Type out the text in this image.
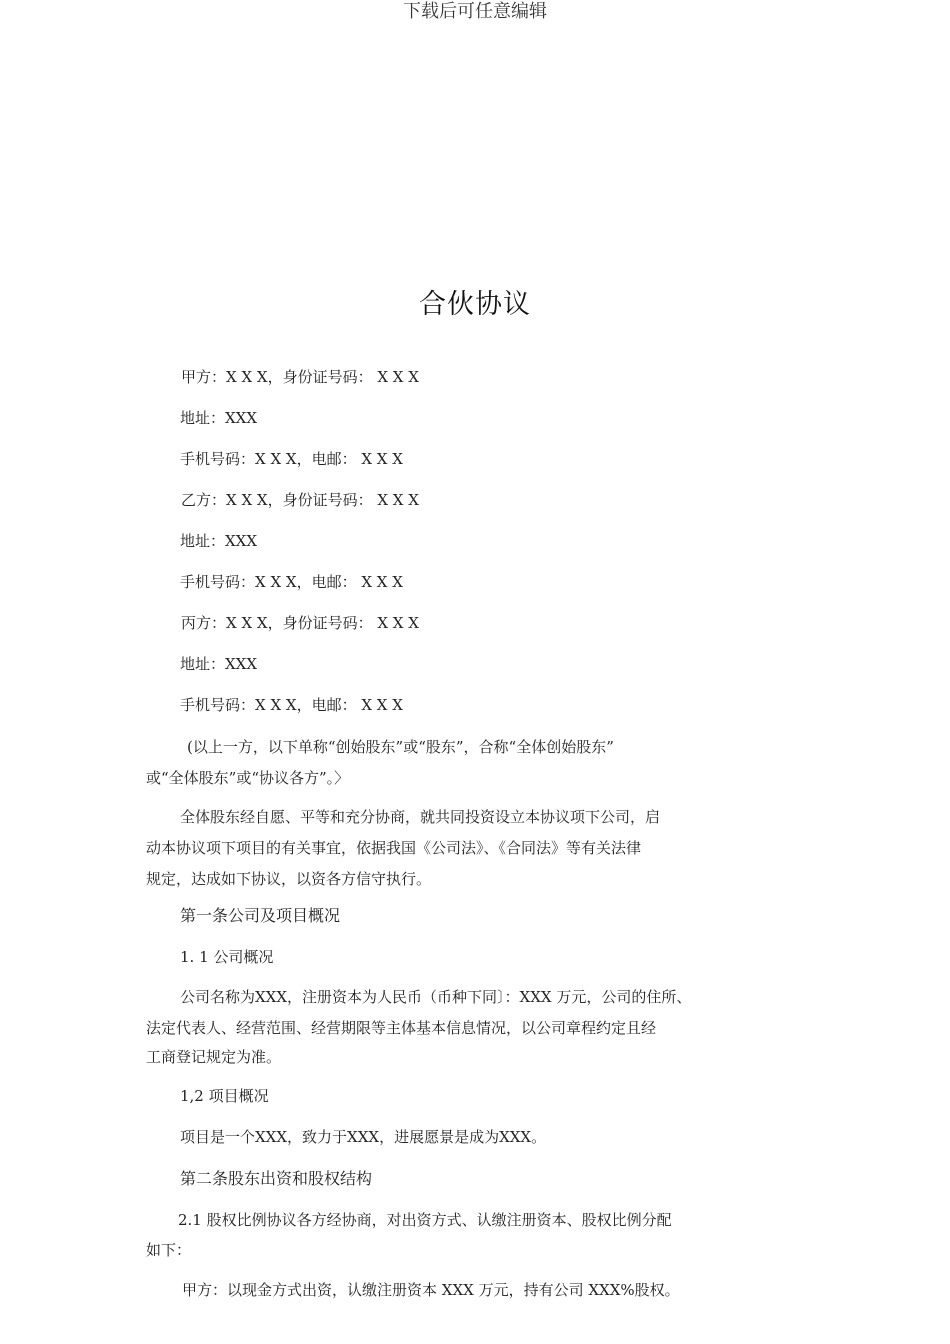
下载后可任意编辑
合伙协议
甲方：X X X，身份证号码： X X X
地址：XXX
手机号码：X X X，电邮： X X X
乙方：X X X，身份证号码： X X X
地址：XXX
手机号码：X X X，电邮： X X X
丙方：X X X，身份证号码： X X X
地址：XXX
手机号码：X X X，电邮： X X X
(以上一方，以下单称“创始股东”或“股东”，合称“全体创始股东”
或“全体股东”或“协议各方”。〉
全体股东经自愿、平等和充分协商，就共同投资设立本协议项下公司，启
动本协议项下项目的有关事宜，依据我国《公司法》、《合同法》等有关法律
规定，达成如下协议，以资各方信守执行。
第一条公司及项目概况
1. 1 公司概况
公司名称为XXX，注册资本为人民币（币种下同〕：XXX 万元，公司的住所、
法定代表人、经营范围、经营期限等主体基本信息情况，以公司章程约定且经
工商登记规定为准。
1,2 项目概况
项目是一个XXX，致力于XXX，进展愿景是成为XXX。
第二条股东出资和股权结构
2.1 股权比例协议各方经协商，对出资方式、认缴注册资本、股权比例分配
如下：
甲方：以现金方式出资，认缴注册资本 XXX 万元，持有公司 XXX%股权。
